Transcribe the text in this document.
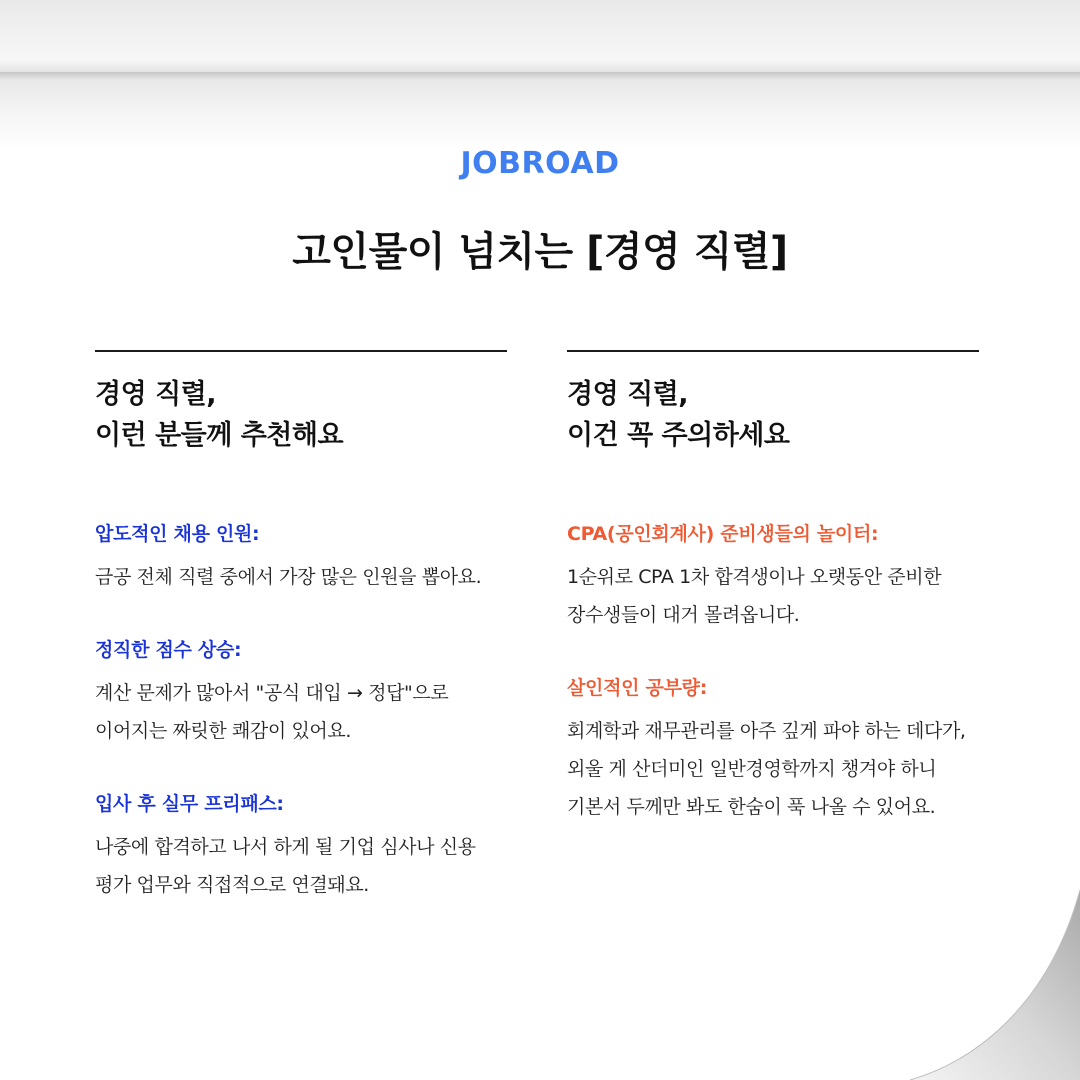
JOBROAD
고인물이 넘치는 [경영 직렬]
경영 직렬,
이런 분들께 추천해요
압도적인 채용 인원:
금공 전체 직렬 중에서 가장 많은 인원을 뽑아요.
정직한 점수 상승:
계산 문제가 많아서 "공식 대입 → 정답"으로 이어지는 짜릿한 쾌감이 있어요.
입사 후 실무 프리패스:
나중에 합격하고 나서 하게 될 기업 심사나 신용 평가 업무와 직접적으로 연결돼요.
경영 직렬,
이건 꼭 주의하세요
CPA(공인회계사) 준비생들의 놀이터:
1순위로 CPA 1차 합격생이나 오랫동안 준비한 장수생들이 대거 몰려옵니다.
살인적인 공부량:
회계학과 재무관리를 아주 깊게 파야 하는 데다가, 외울 게 산더미인 일반경영학까지 챙겨야 하니 기본서 두께만 봐도 한숨이 푹 나올 수 있어요.
